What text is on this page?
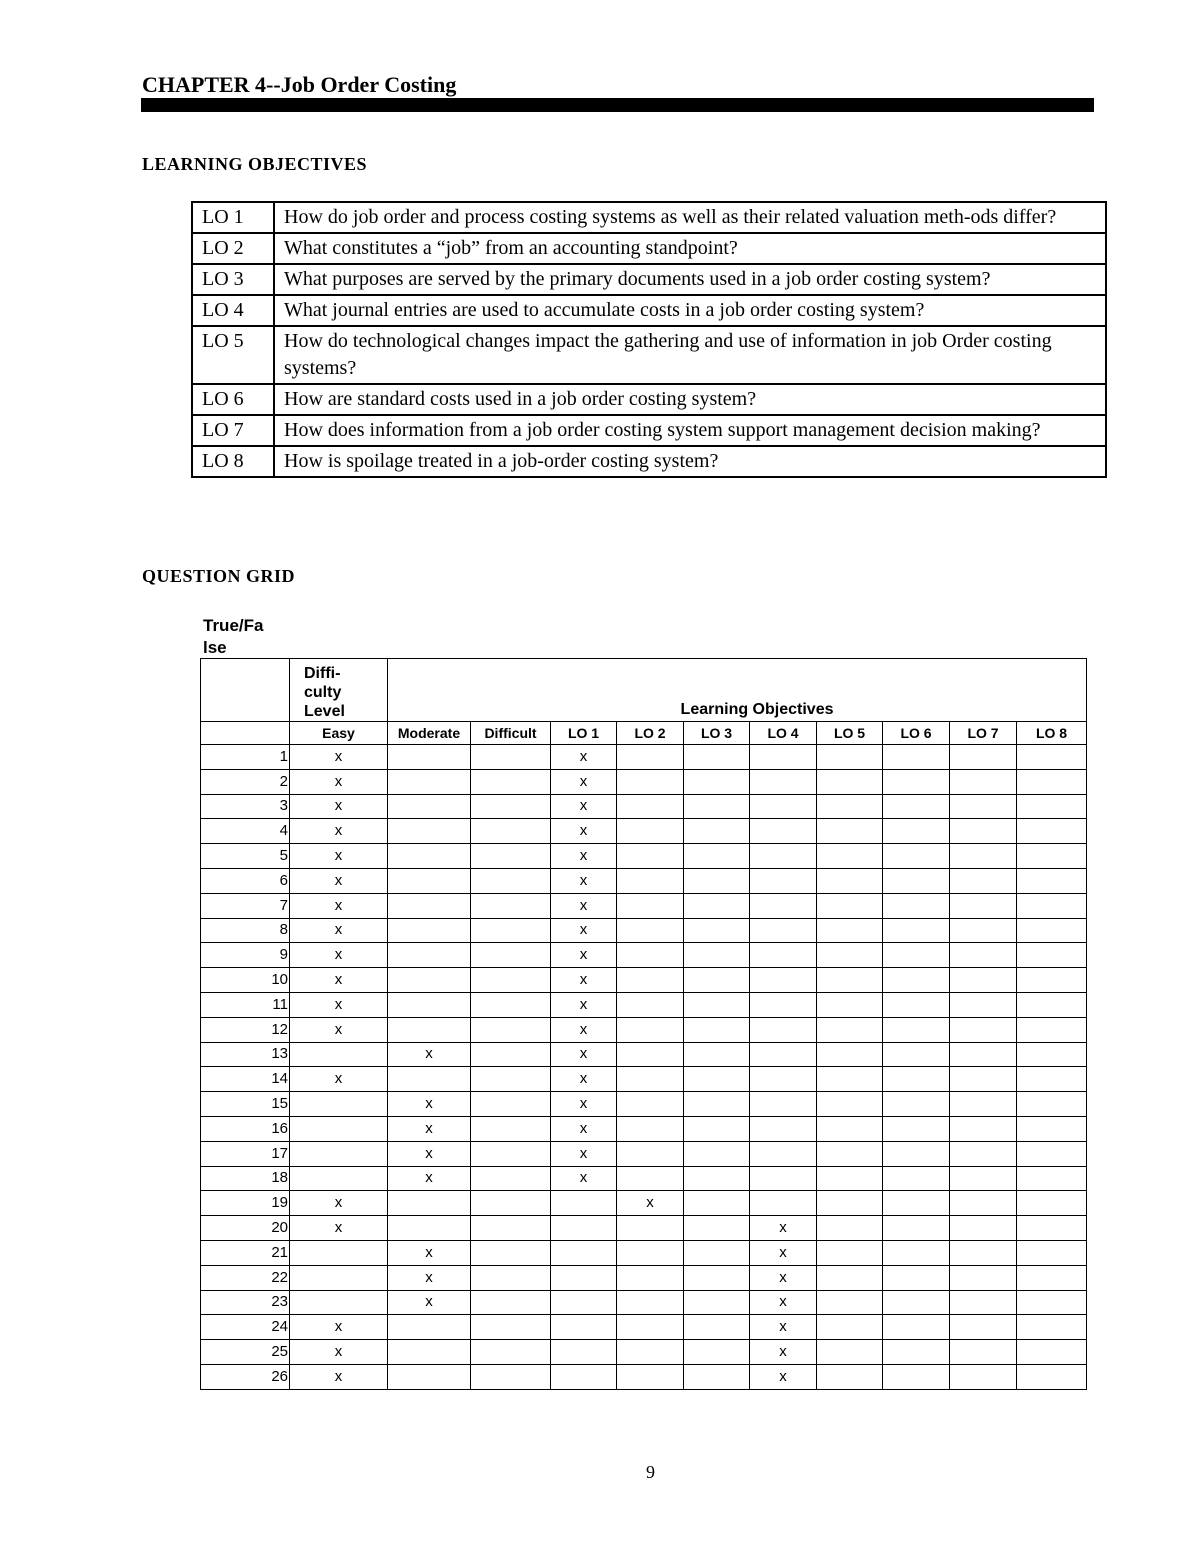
CHAPTER 4--Job Order Costing
LEARNING OBJECTIVES
LO 1	How do job order and process costing systems as well as their related valuation meth-ods differ?
LO 2	What constitutes a “job” from an accounting standpoint?
LO 3	What purposes are served by the primary documents used in a job order costing system?
LO 4	What journal entries are used to accumulate costs in a job order costing system?
LO 5	How do technological changes impact the gathering and use of information in job Order costing systems?
LO 6	How are standard costs used in a job order costing system?
LO 7	How does information from a job order costing system support management decision making?
LO 8	How is spoilage treated in a job-order costing system?
QUESTION GRID
True/Fa
lse

	Diffi-
culty
Level	Learning Objectives									
	Easy	Moderate	Difficult	LO 1	LO 2	LO 3	LO 4	LO 5	LO 6	LO 7	LO 8
1	x			x							
2	x			x							
3	x			x							
4	x			x							
5	x			x							
6	x			x							
7	x			x							
8	x			x							
9	x			x							
10	x			x							
11	x			x							
12	x			x							
13		x		x							
14	x			x							
15		x		x							
16		x		x							
17		x		x							
18		x		x							
19	x				x						
20	x						x				
21		x					x				
22		x					x				
23		x					x				
24	x						x				
25	x						x				
26	x						x				
9
